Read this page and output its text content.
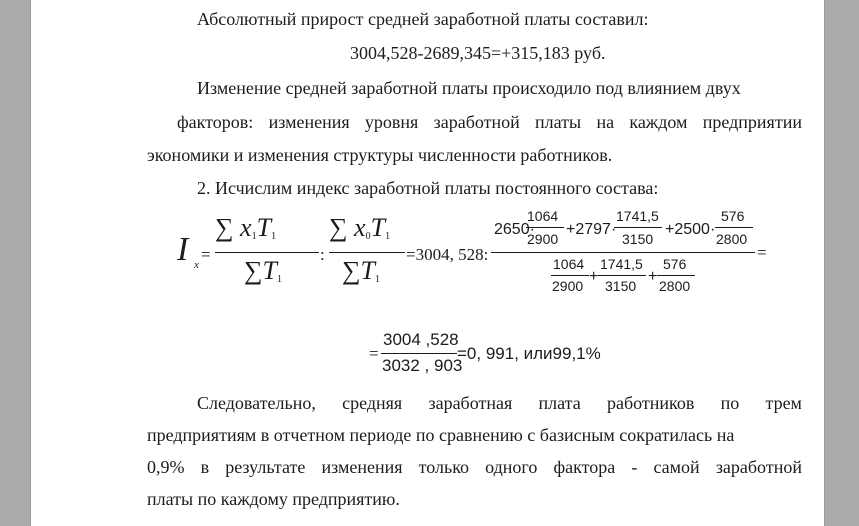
Абсолютный прирост средней заработной платы составил:
3004,528-2689,345=+315,183 руб.
Изменение средней заработной платы происходило под влиянием двух
факторов: изменения уровня заработной платы на каждом предприятии
экономики и изменения структуры численности работников.
2. Исчислим индекс заработной платы постоянного состава:
I x
=
∑ $x_1T_1$
$\sum T_1$
:
∑ $x_0T_1$
$\sum T_1$
=3004, 528:
2650·
1064
2900
+2797·
1741,5
3150
+2500·
576
2800
1064
2900
+
1741,5
3150
+
576
2800
=
=
3004 ,528
3032 , 903
=0, 991, или99,1%
Следовательно, средняя заработная плата работников по трем
предприятиям в отчетном периоде по сравнению с базисным сократилась на
0,9% в результате изменения только одного фактора - самой заработной
платы по каждому предприятию.
